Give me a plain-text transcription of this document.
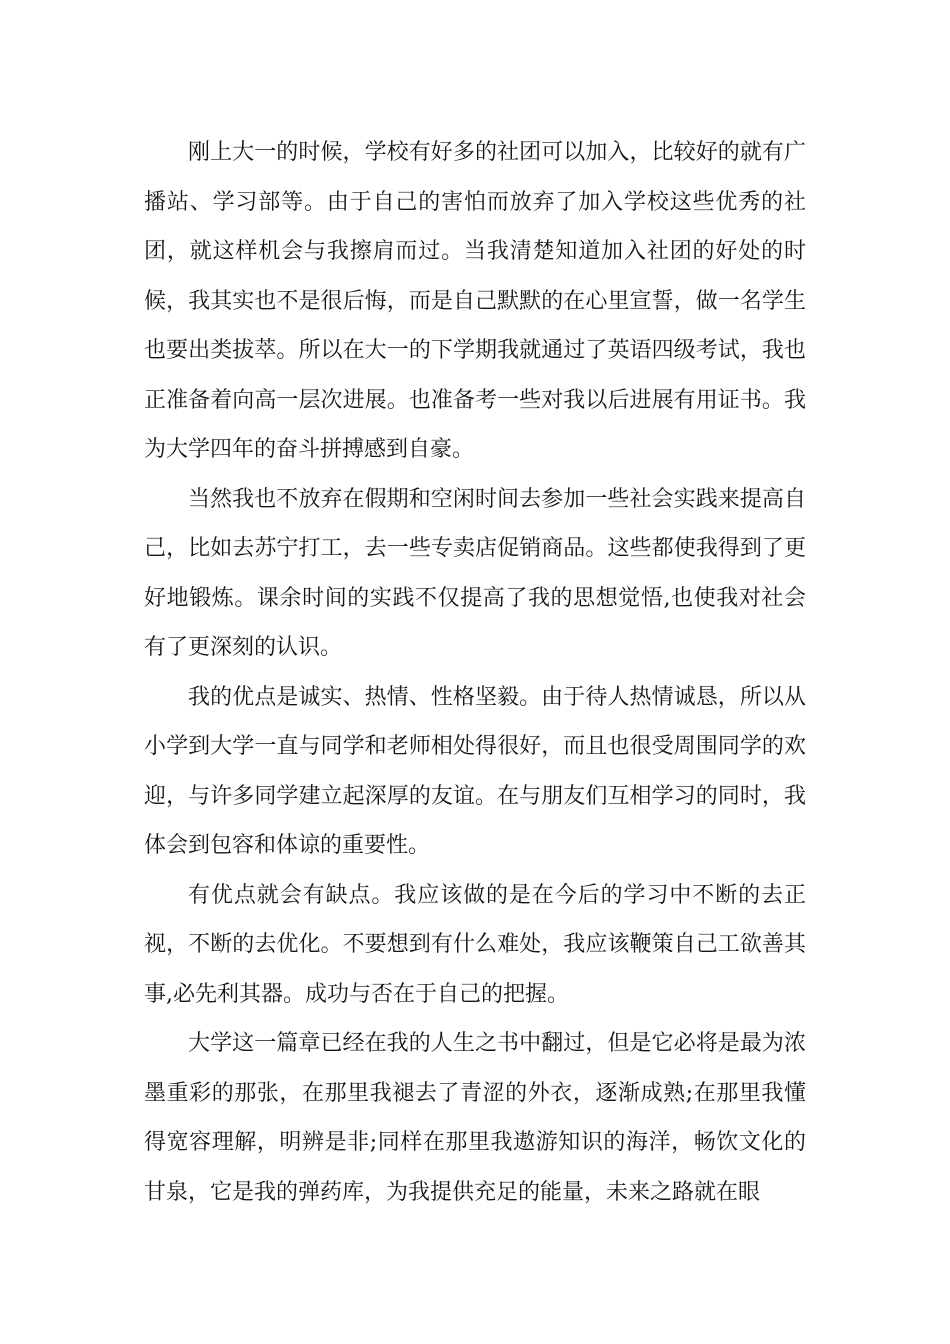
刚上大一的时候，学校有好多的社团可以加入，比较好的就有广播站、学习部等。由于自己的害怕而放弃了加入学校这些优秀的社团，就这样机会与我擦肩而过。当我清楚知道加入社团的好处的时候，我其实也不是很后悔，而是自己默默的在心里宣誓，做一名学生也要出类拔萃。所以在大一的下学期我就通过了英语四级考试，我也正准备着向高一层次进展。也准备考一些对我以后进展有用证书。我为大学四年的奋斗拼搏感到自豪。

当然我也不放弃在假期和空闲时间去参加一些社会实践来提高自己，比如去苏宁打工，去一些专卖店促销商品。这些都使我得到了更好地锻炼。课余时间的实践不仅提高了我的思想觉悟,也使我对社会有了更深刻的认识。

我的优点是诚实、热情、性格坚毅。由于待人热情诚恳，所以从小学到大学一直与同学和老师相处得很好，而且也很受周围同学的欢迎，与许多同学建立起深厚的友谊。在与朋友们互相学习的同时，我体会到包容和体谅的重要性。

有优点就会有缺点。我应该做的是在今后的学习中不断的去正视，不断的去优化。不要想到有什么难处，我应该鞭策自己工欲善其事,必先利其器。成功与否在于自己的把握。

大学这一篇章已经在我的人生之书中翻过，但是它必将是最为浓墨重彩的那张，在那里我褪去了青涩的外衣，逐渐成熟;在那里我懂得宽容理解，明辨是非;同样在那里我遨游知识的海洋，畅饮文化的甘泉，它是我的弹药库，为我提供充足的能量，未来之路就在眼
